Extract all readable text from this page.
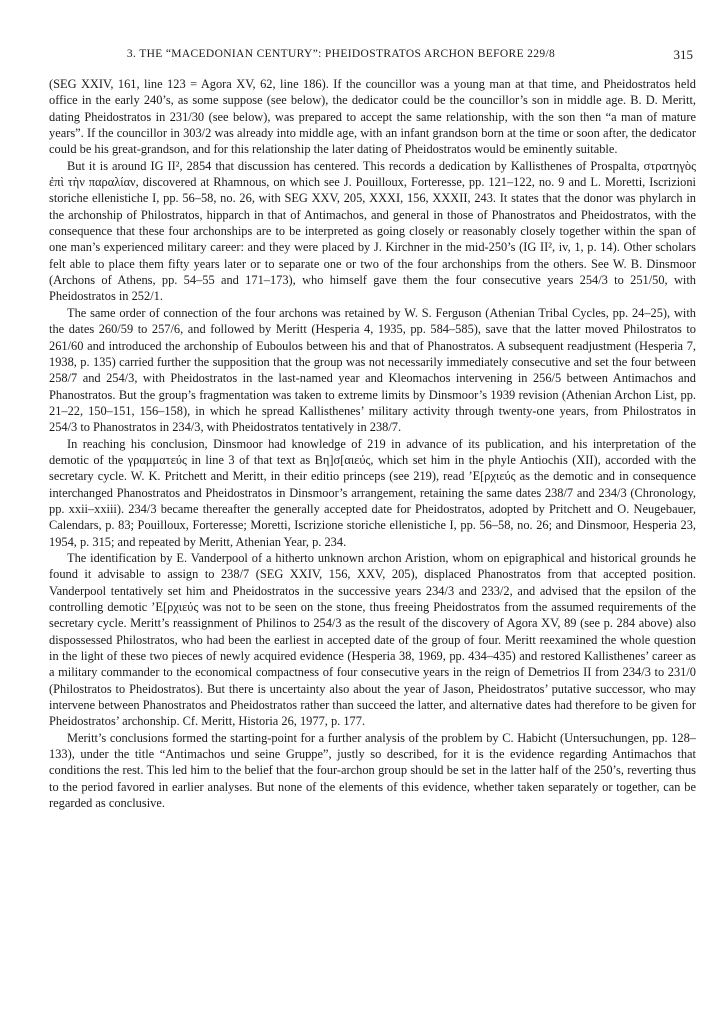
3. THE “MACEDONIAN CENTURY”: PHEIDOSTRATOS ARCHON BEFORE 229/8	315

(SEG XXIV, 161, line 123 = Agora XV, 62, line 186). If the councillor was a young man at that time, and Pheidostratos held office in the early 240’s, as some suppose (see below), the dedicator could be the councillor’s son in middle age. B. D. Meritt, dating Pheidostratos in 231/30 (see below), was prepared to accept the same relationship, with the son then “a man of mature years”. If the councillor in 303/2 was already into middle age, with an infant grandson born at the time or soon after, the dedicator could be his great-grandson, and for this relationship the later dating of Pheidostratos would be eminently suitable.

But it is around IG II², 2854 that discussion has centered. This records a dedication by Kallisthenes of Prospalta, στρατηγὸς ἐπὶ τὴν παραλίαν, discovered at Rhamnous, on which see J. Pouilloux, Forteresse, pp. 121–122, no. 9 and L. Moretti, Iscrizioni storiche ellenistiche I, pp. 56–58, no. 26, with SEG XXV, 205, XXXI, 156, XXXII, 243. It states that the donor was phylarch in the archonship of Philostratos, hipparch in that of Antimachos, and general in those of Phanostratos and Pheidostratos, with the consequence that these four archonships are to be interpreted as going closely or reasonably closely together within the span of one man’s experienced military career: and they were placed by J. Kirchner in the mid-250’s (IG II², iv, 1, p. 14). Other scholars felt able to place them fifty years later or to separate one or two of the four archonships from the others. See W. B. Dinsmoor (Archons of Athens, pp. 54–55 and 171–173), who himself gave them the four consecutive years 254/3 to 251/50, with Pheidostratos in 252/1.

The same order of connection of the four archons was retained by W. S. Ferguson (Athenian Tribal Cycles, pp. 24–25), with the dates 260/59 to 257/6, and followed by Meritt (Hesperia 4, 1935, pp. 584–585), save that the latter moved Philostratos to 261/60 and introduced the archonship of Euboulos between his and that of Phanostratos. A subsequent readjustment (Hesperia 7, 1938, p. 135) carried further the supposition that the group was not necessarily immediately consecutive and set the four between 258/7 and 254/3, with Pheidostratos in the last-named year and Kleomachos intervening in 256/5 between Antimachos and Phanostratos. But the group’s fragmentation was taken to extreme limits by Dinsmoor’s 1939 revision (Athenian Archon List, pp. 21–22, 150–151, 156–158), in which he spread Kallisthenes’ military activity through twenty-one years, from Philostratos in 254/3 to Phanostratos in 234/3, with Pheidostratos tentatively in 238/7.

In reaching his conclusion, Dinsmoor had knowledge of 219 in advance of its publication, and his interpretation of the demotic of the γραμματεύς in line 3 of that text as Bη]σ[αιεύς, which set him in the phyle Antiochis (XII), accorded with the secretary cycle. W. K. Pritchett and Meritt, in their editio princeps (see 219), read ’Ε[ρχιεύς as the demotic and in consequence interchanged Phanostratos and Pheidostratos in Dinsmoor’s arrangement, retaining the same dates 238/7 and 234/3 (Chronology, pp. xxii–xxiii). 234/3 became thereafter the generally accepted date for Pheidostratos, adopted by Pritchett and O. Neugebauer, Calendars, p. 83; Pouilloux, Forteresse; Moretti, Iscrizione storiche ellenistiche I, pp. 56–58, no. 26; and Dinsmoor, Hesperia 23, 1954, p. 315; and repeated by Meritt, Athenian Year, p. 234.

The identification by E. Vanderpool of a hitherto unknown archon Aristion, whom on epigraphical and historical grounds he found it advisable to assign to 238/7 (SEG XXIV, 156, XXV, 205), displaced Phanostratos from that accepted position. Vanderpool tentatively set him and Pheidostratos in the successive years 234/3 and 233/2, and advised that the epsilon of the controlling demotic ’Ε[ρχιεύς was not to be seen on the stone, thus freeing Pheidostratos from the assumed requirements of the secretary cycle. Meritt’s reassignment of Philinos to 254/3 as the result of the discovery of Agora XV, 89 (see p. 284 above) also dispossessed Philostratos, who had been the earliest in accepted date of the group of four. Meritt reexamined the whole question in the light of these two pieces of newly acquired evidence (Hesperia 38, 1969, pp. 434–435) and restored Kallisthenes’ career as a military commander to the economical compactness of four consecutive years in the reign of Demetrios II from 234/3 to 231/0 (Philostratos to Pheidostratos). But there is uncertainty also about the year of Jason, Pheidostratos’ putative successor, who may intervene between Phanostratos and Pheidostratos rather than succeed the latter, and alternative dates had therefore to be given for Pheidostratos’ archonship. Cf. Meritt, Historia 26, 1977, p. 177.

Meritt’s conclusions formed the starting-point for a further analysis of the problem by C. Habicht (Untersuchungen, pp. 128–133), under the title “Antimachos und seine Gruppe”, justly so described, for it is the evidence regarding Antimachos that conditions the rest. This led him to the belief that the four-archon group should be set in the latter half of the 250’s, reverting thus to the period favored in earlier analyses. But none of the elements of this evidence, whether taken separately or together, can be regarded as conclusive.
